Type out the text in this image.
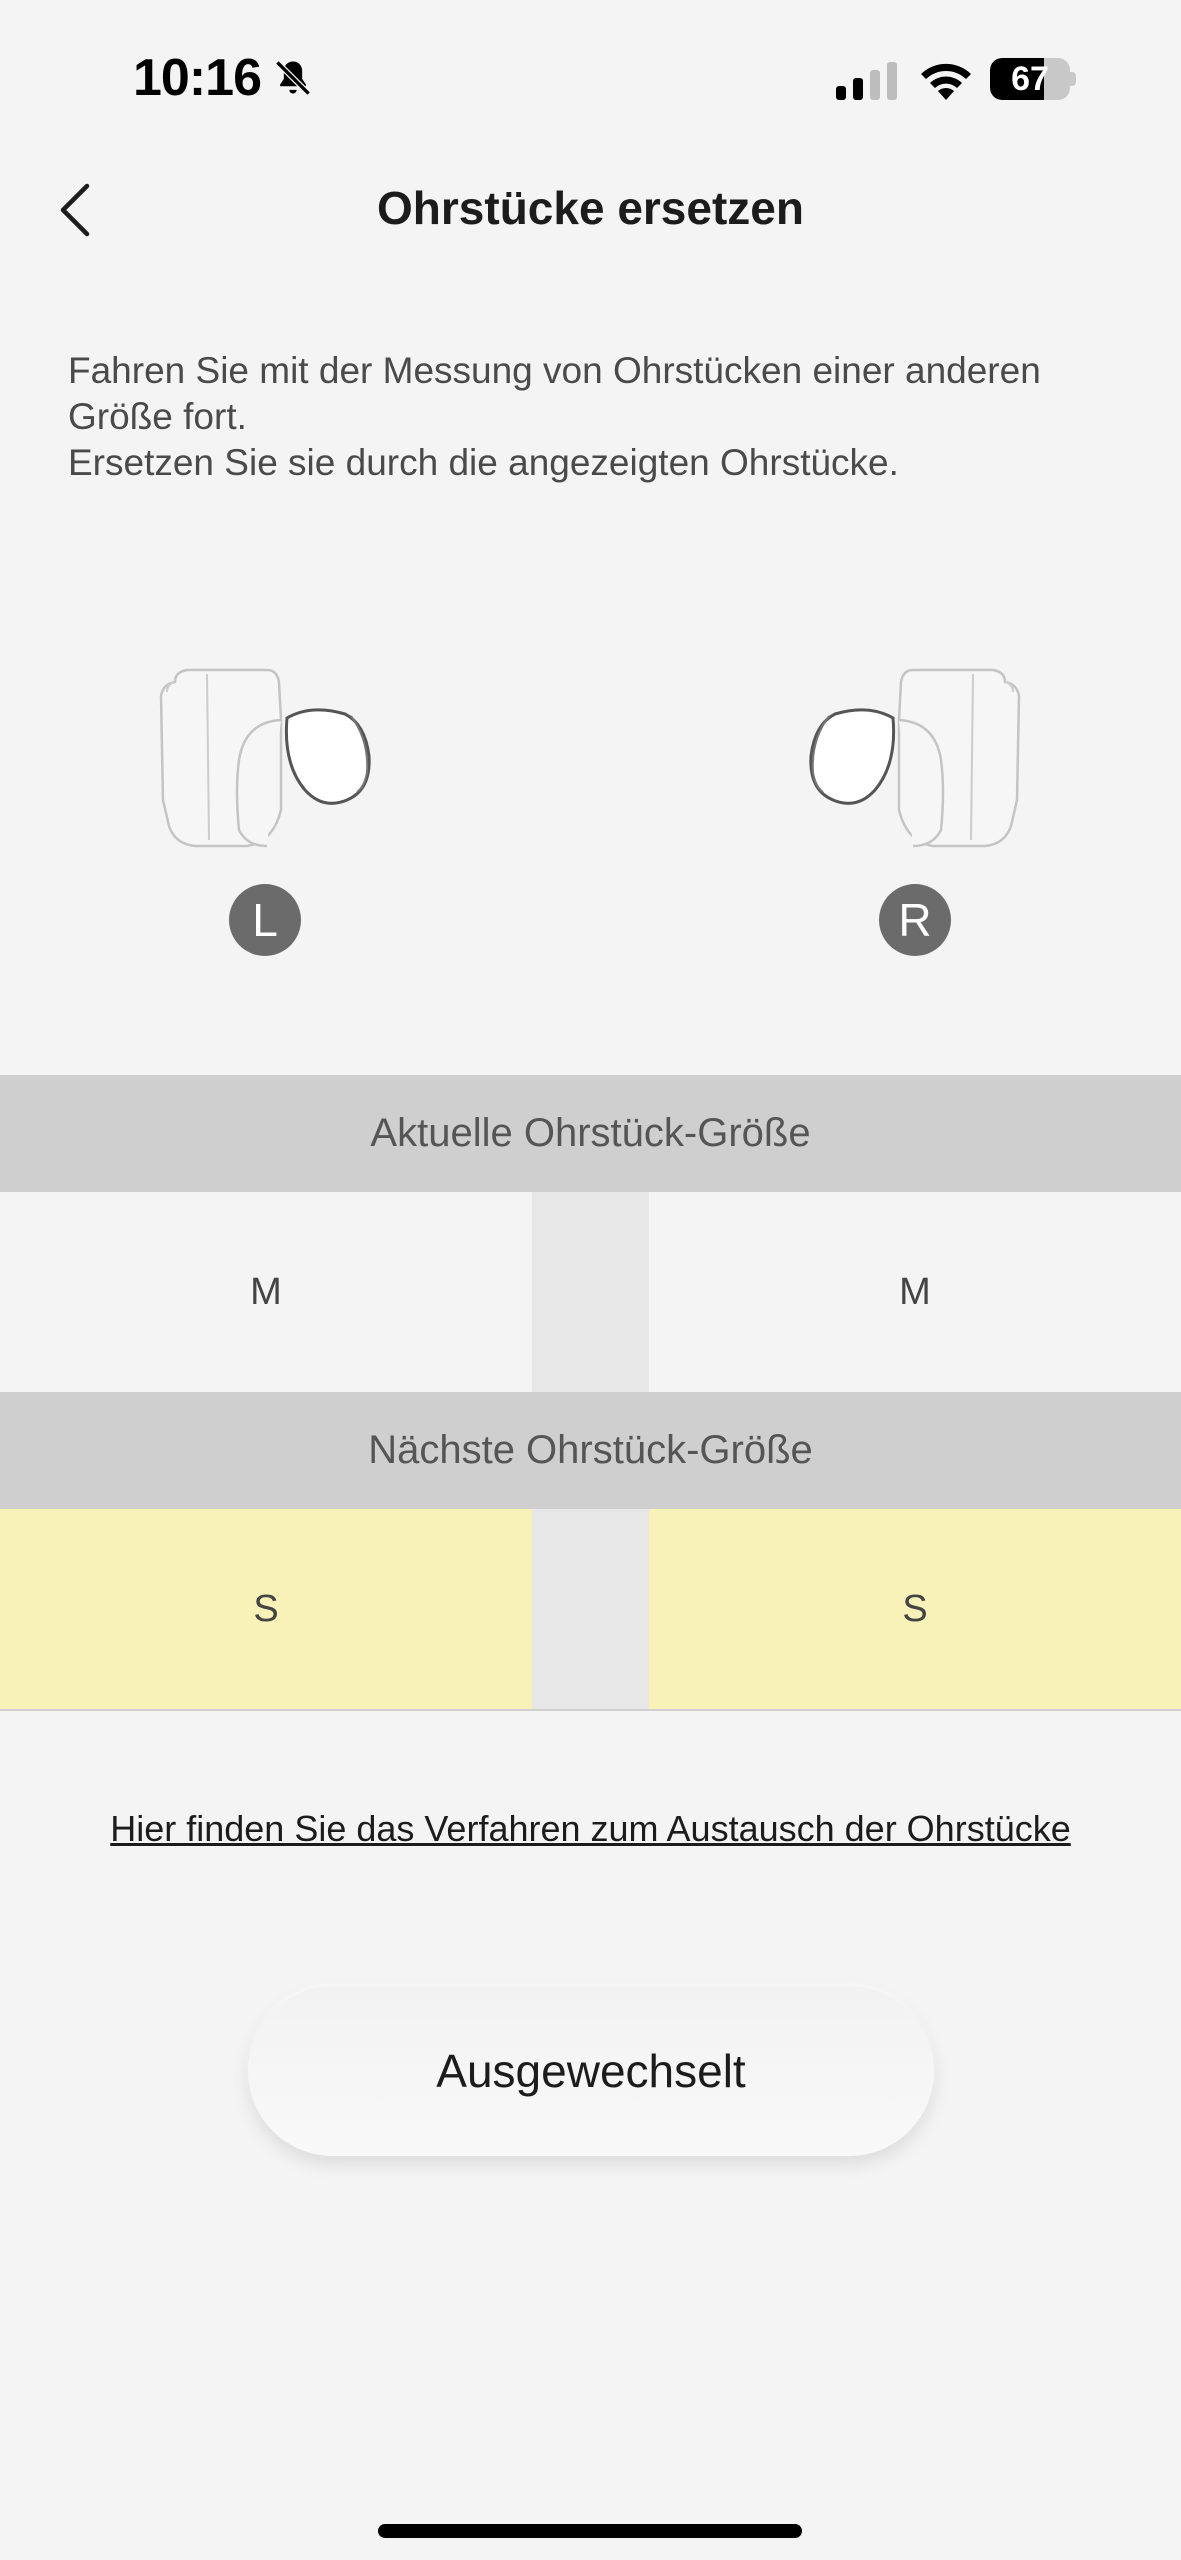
10:16	67
Ohrstücke ersetzen

Fahren Sie mit der Messung von Ohrstücken einer anderen Größe fort.

Ersetzen Sie sie durch die angezeigten Ohrstücke.

L	R
Aktuelle Ohrstück-Größe
M	M
Nächste Ohrstück-Größe
S	S
Hier finden Sie das Verfahren zum Austausch der Ohrstücke
Ausgewechselt
